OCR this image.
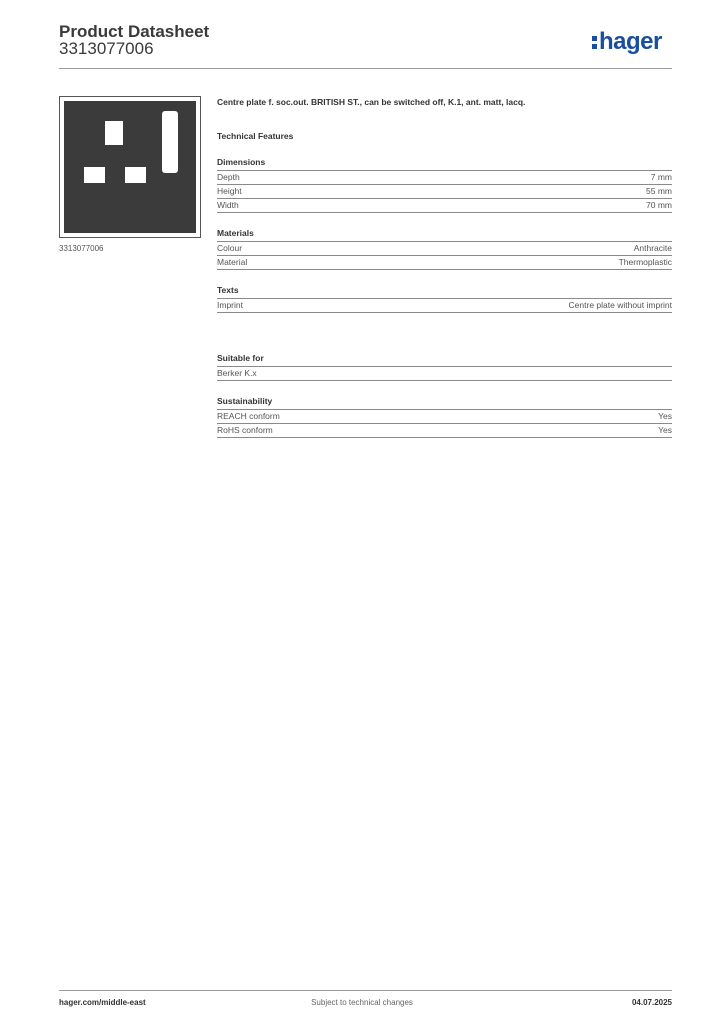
Product Datasheet
3313077006	hager
3313077006
Centre plate f. soc.out. BRITISH ST., can be switched off, K.1, ant. matt, lacq.
Technical Features
Dimensions
Depth	7 mm
Height	55 mm
Width	70 mm
Materials
Colour	Anthracite
Material	Thermoplastic
Texts
Imprint	Centre plate without imprint
Suitable for
Berker K.x
Sustainability
REACH conform	Yes
RoHS conform	Yes
hager.com/middle-east	Subject to technical changes	04.07.2025
